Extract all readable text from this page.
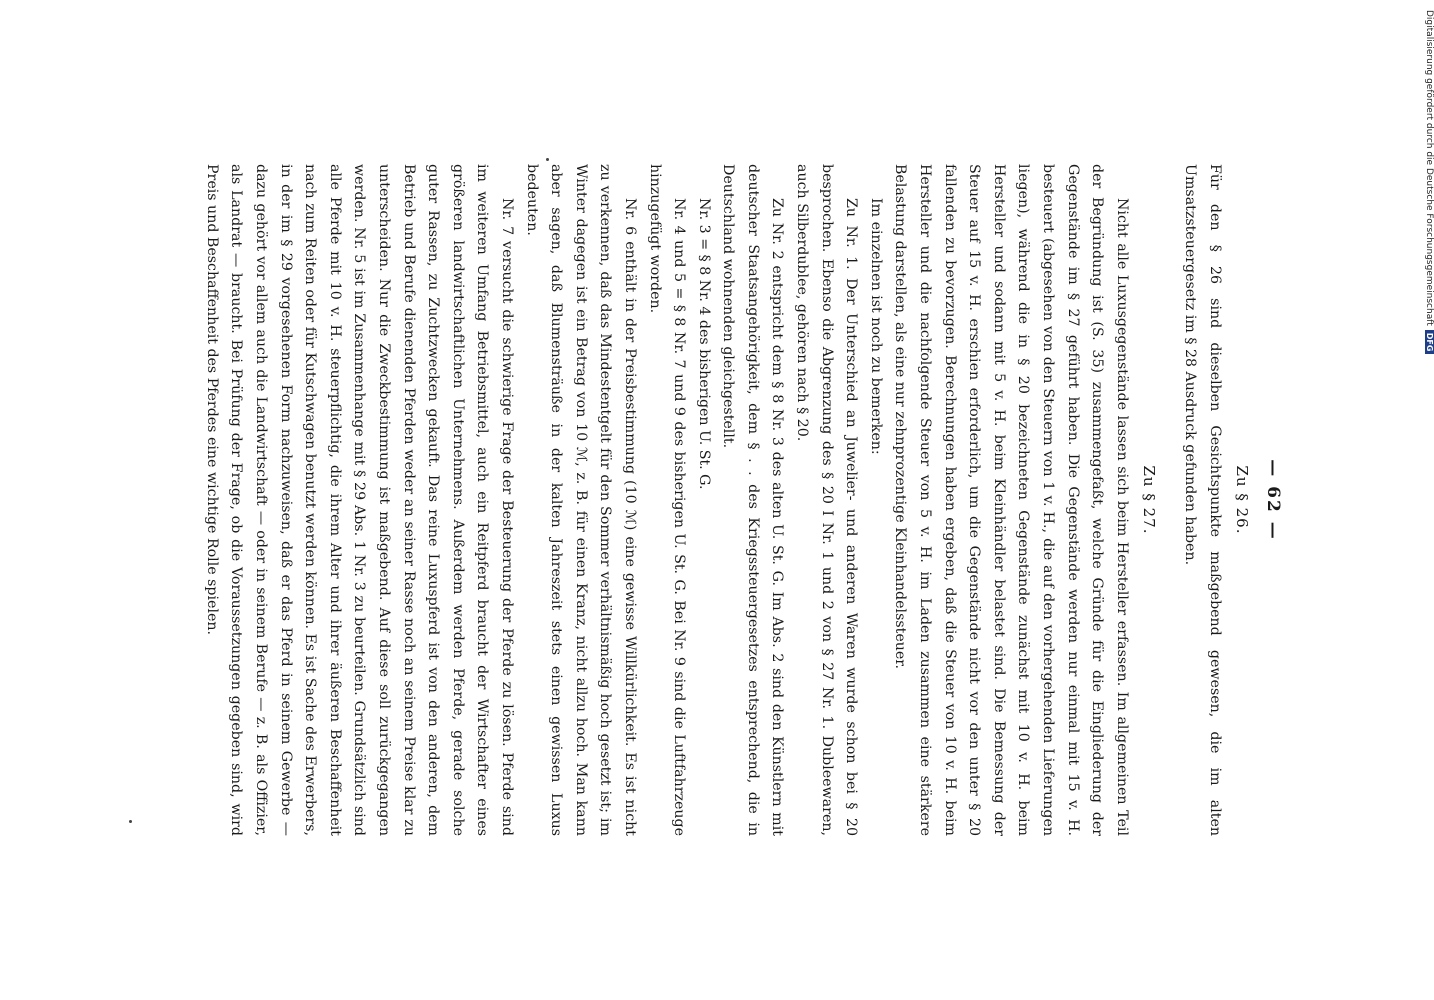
— 62 —
Zu § 26.

Für den § 26 sind dieselben Gesichtspunkte maßgebend gewesen, die im alten Umsatzsteuergesetz im § 28 Ausdruck gefunden haben.

Zu § 27.

Nicht alle Luxusgegenstände lassen sich beim Hersteller erfassen. Im allgemeinen Teil der Begründung ist (S. 35) zusammengefaßt, welche Gründe für die Eingliederung der Gegenstände im § 27 geführt haben. Die Gegenstände werden nur einmal mit 15 v. H. besteuert (abgesehen von den Steuern von 1 v. H., die auf den vorhergehenden Lieferungen liegen), während die in § 20 bezeichneten Gegenstände zunächst mit 10 v. H. beim Hersteller und sodann mit 5 v. H. beim Kleinhändler belastet sind. Die Bemessung der Steuer auf 15 v. H. erschien erforderlich, um die Gegenstände nicht vor den unter § 20 fallenden zu bevorzugen. Berechnungen haben ergeben, daß die Steuer von 10 v. H. beim Hersteller und die nachfolgende Steuer von 5 v. H. im Laden zusammen eine stärkere Belastung darstellen, als eine nur zehnprozentige Kleinhandelssteuer.

Im einzelnen ist noch zu bemerken:

Zu Nr. 1. Der Unterschied an Juwelier- und anderen Waren wurde schon bei § 20 besprochen. Ebenso die Abgrenzung des § 20 I Nr. 1 und 2 von § 27 Nr. 1. Dubleewaren, auch Silberdublee, gehören nach § 20.

Zu Nr. 2 entspricht dem § 8 Nr. 3 des alten U. St. G. Im Abs. 2 sind den Künstlern mit deutscher Staatsangehörigkeit, dem § . . des Kriegssteuergesetzes entsprechend, die in Deutschland wohnenden gleichgestellt.

Nr. 3 = § 8 Nr. 4 des bisherigen U. St. G.

Nr. 4 und 5 = § 8 Nr. 7 und 9 des bisherigen U. St. G. Bei Nr. 9 sind die Luftfahrzeuge hinzugefügt worden.

Nr. 6 enthält in der Preisbestimmung (10 ℳ) eine gewisse Willkürlichkeit. Es ist nicht zu verkennen, daß das Mindestentgelt für den Sommer verhältnismäßig hoch gesetzt ist; im Winter dagegen ist ein Betrag von 10 ℳ, z. B. für einen Kranz, nicht allzu hoch. Man kann aber sagen, daß Blumensträuße in der kalten Jahreszeit stets einen gewissen Luxus bedeuten.

Nr. 7 versucht die schwierige Frage der Besteuerung der Pferde zu lösen. Pferde sind im weiteren Umfang Betriebsmittel, auch ein Reitpferd braucht der Wirtschafter eines größeren landwirtschaftlichen Unternehmens. Außerdem werden Pferde, gerade solche guter Rassen, zu Zuchtzwecken gekauft. Das reine Luxuspferd ist von den anderen, dem Betrieb und Berufe dienenden Pferden weder an seiner Rasse noch an seinem Preise klar zu unterscheiden. Nur die Zweckbestimmung ist maßgebend. Auf diese soll zurückgegangen werden. Nr. 5 ist im Zusammenhange mit § 29 Abs. 1 Nr. 3 zu beurteilen. Grundsätzlich sind alle Pferde mit 10 v. H. steuerpflichtig, die ihrem Alter und ihrer äußeren Beschaffenheit nach zum Reiten oder für Kutschwagen benutzt werden können. Es ist Sache des Erwerbers, in der im § 29 vorgesehenen Form nachzuweisen, daß er das Pferd in seinem Gewerbe — dazu gehört vor allem auch die Landwirtschaft — oder in seinem Berufe — z. B. als Offizier, als Landrat — braucht. Bei Prüfung der Frage, ob die Voraussetzungen gegeben sind, wird Preis und Beschaffenheit des Pferdes eine wichtige Rolle spielen.	Digitalisierung gefördert durch die Deutsche ForschungsgemeinschaftDFG
